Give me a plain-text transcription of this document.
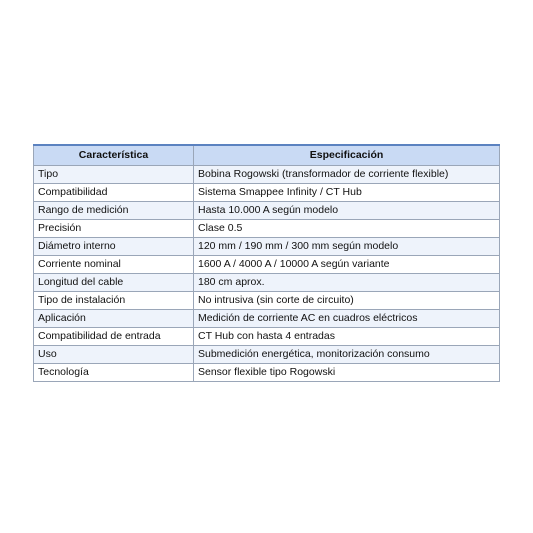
Característica	Especificación
Tipo	Bobina Rogowski (transformador de corriente flexible)
Compatibilidad	Sistema Smappee Infinity / CT Hub
Rango de medición	Hasta 10.000 A según modelo
Precisión	Clase 0.5
Diámetro interno	120 mm / 190 mm / 300 mm según modelo
Corriente nominal	1600 A / 4000 A / 10000 A según variante
Longitud del cable	180 cm aprox.
Tipo de instalación	No intrusiva (sin corte de circuito)
Aplicación	Medición de corriente AC en cuadros eléctricos
Compatibilidad de entrada	CT Hub con hasta 4 entradas
Uso	Submedición energética, monitorización consumo
Tecnología	Sensor flexible tipo Rogowski
